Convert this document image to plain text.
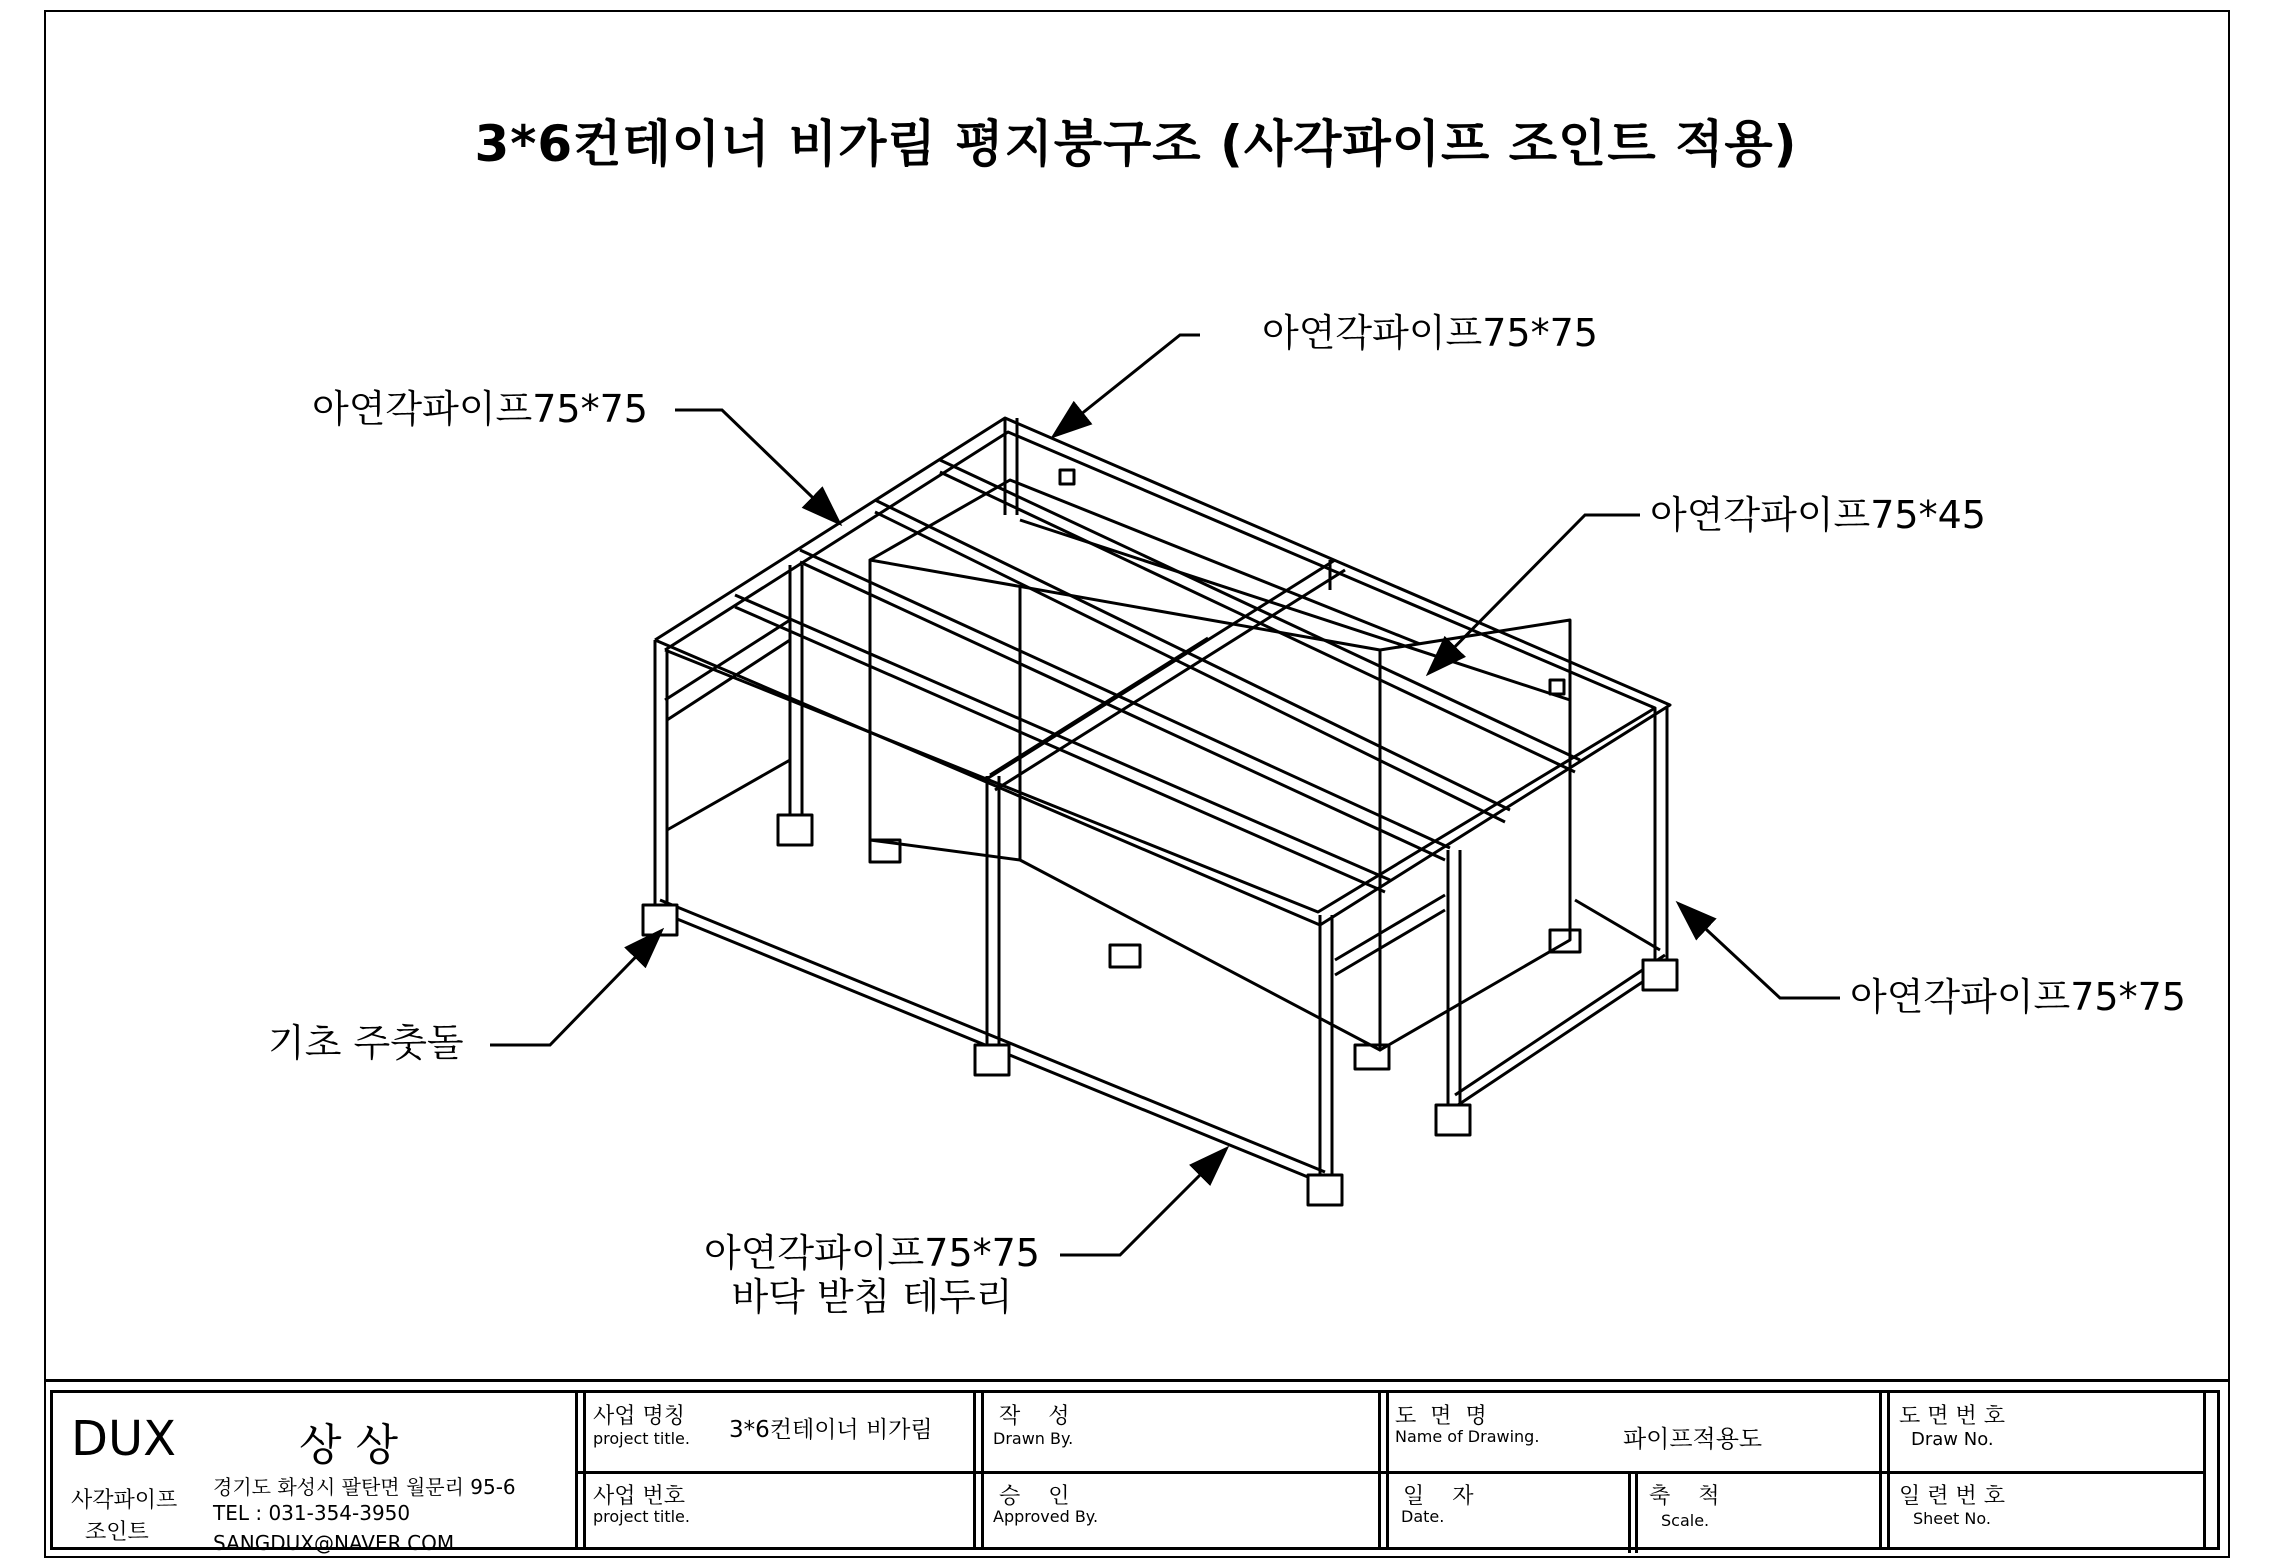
3*6컨테이너 비가림 평지붕구조 (사각파이프 조인트 적용)
아연각파이프75*75
아연각파이프75*75
아연각파이프75*45
아연각파이프75*75
기초 주춧돌
아연각파이프75*75
바닥 받침 테두리
DUX	상 상
사각파이프
조인트
경기도 화성시 팔탄면 월문리 95-6
TEL : 031-354-3950
SANGDUX@NAVER.COM
사업 명칭
project title. 3*6컨테이너 비가림
사업 번호
project title.
작    성
Drawn By.
승    인
Approved By.
도  면  명
Name of Drawing.	파이프적용도
일    자
Date.
축    척
Scale.
도 면 번 호
Draw No.
일 련 번 호
Sheet No.
